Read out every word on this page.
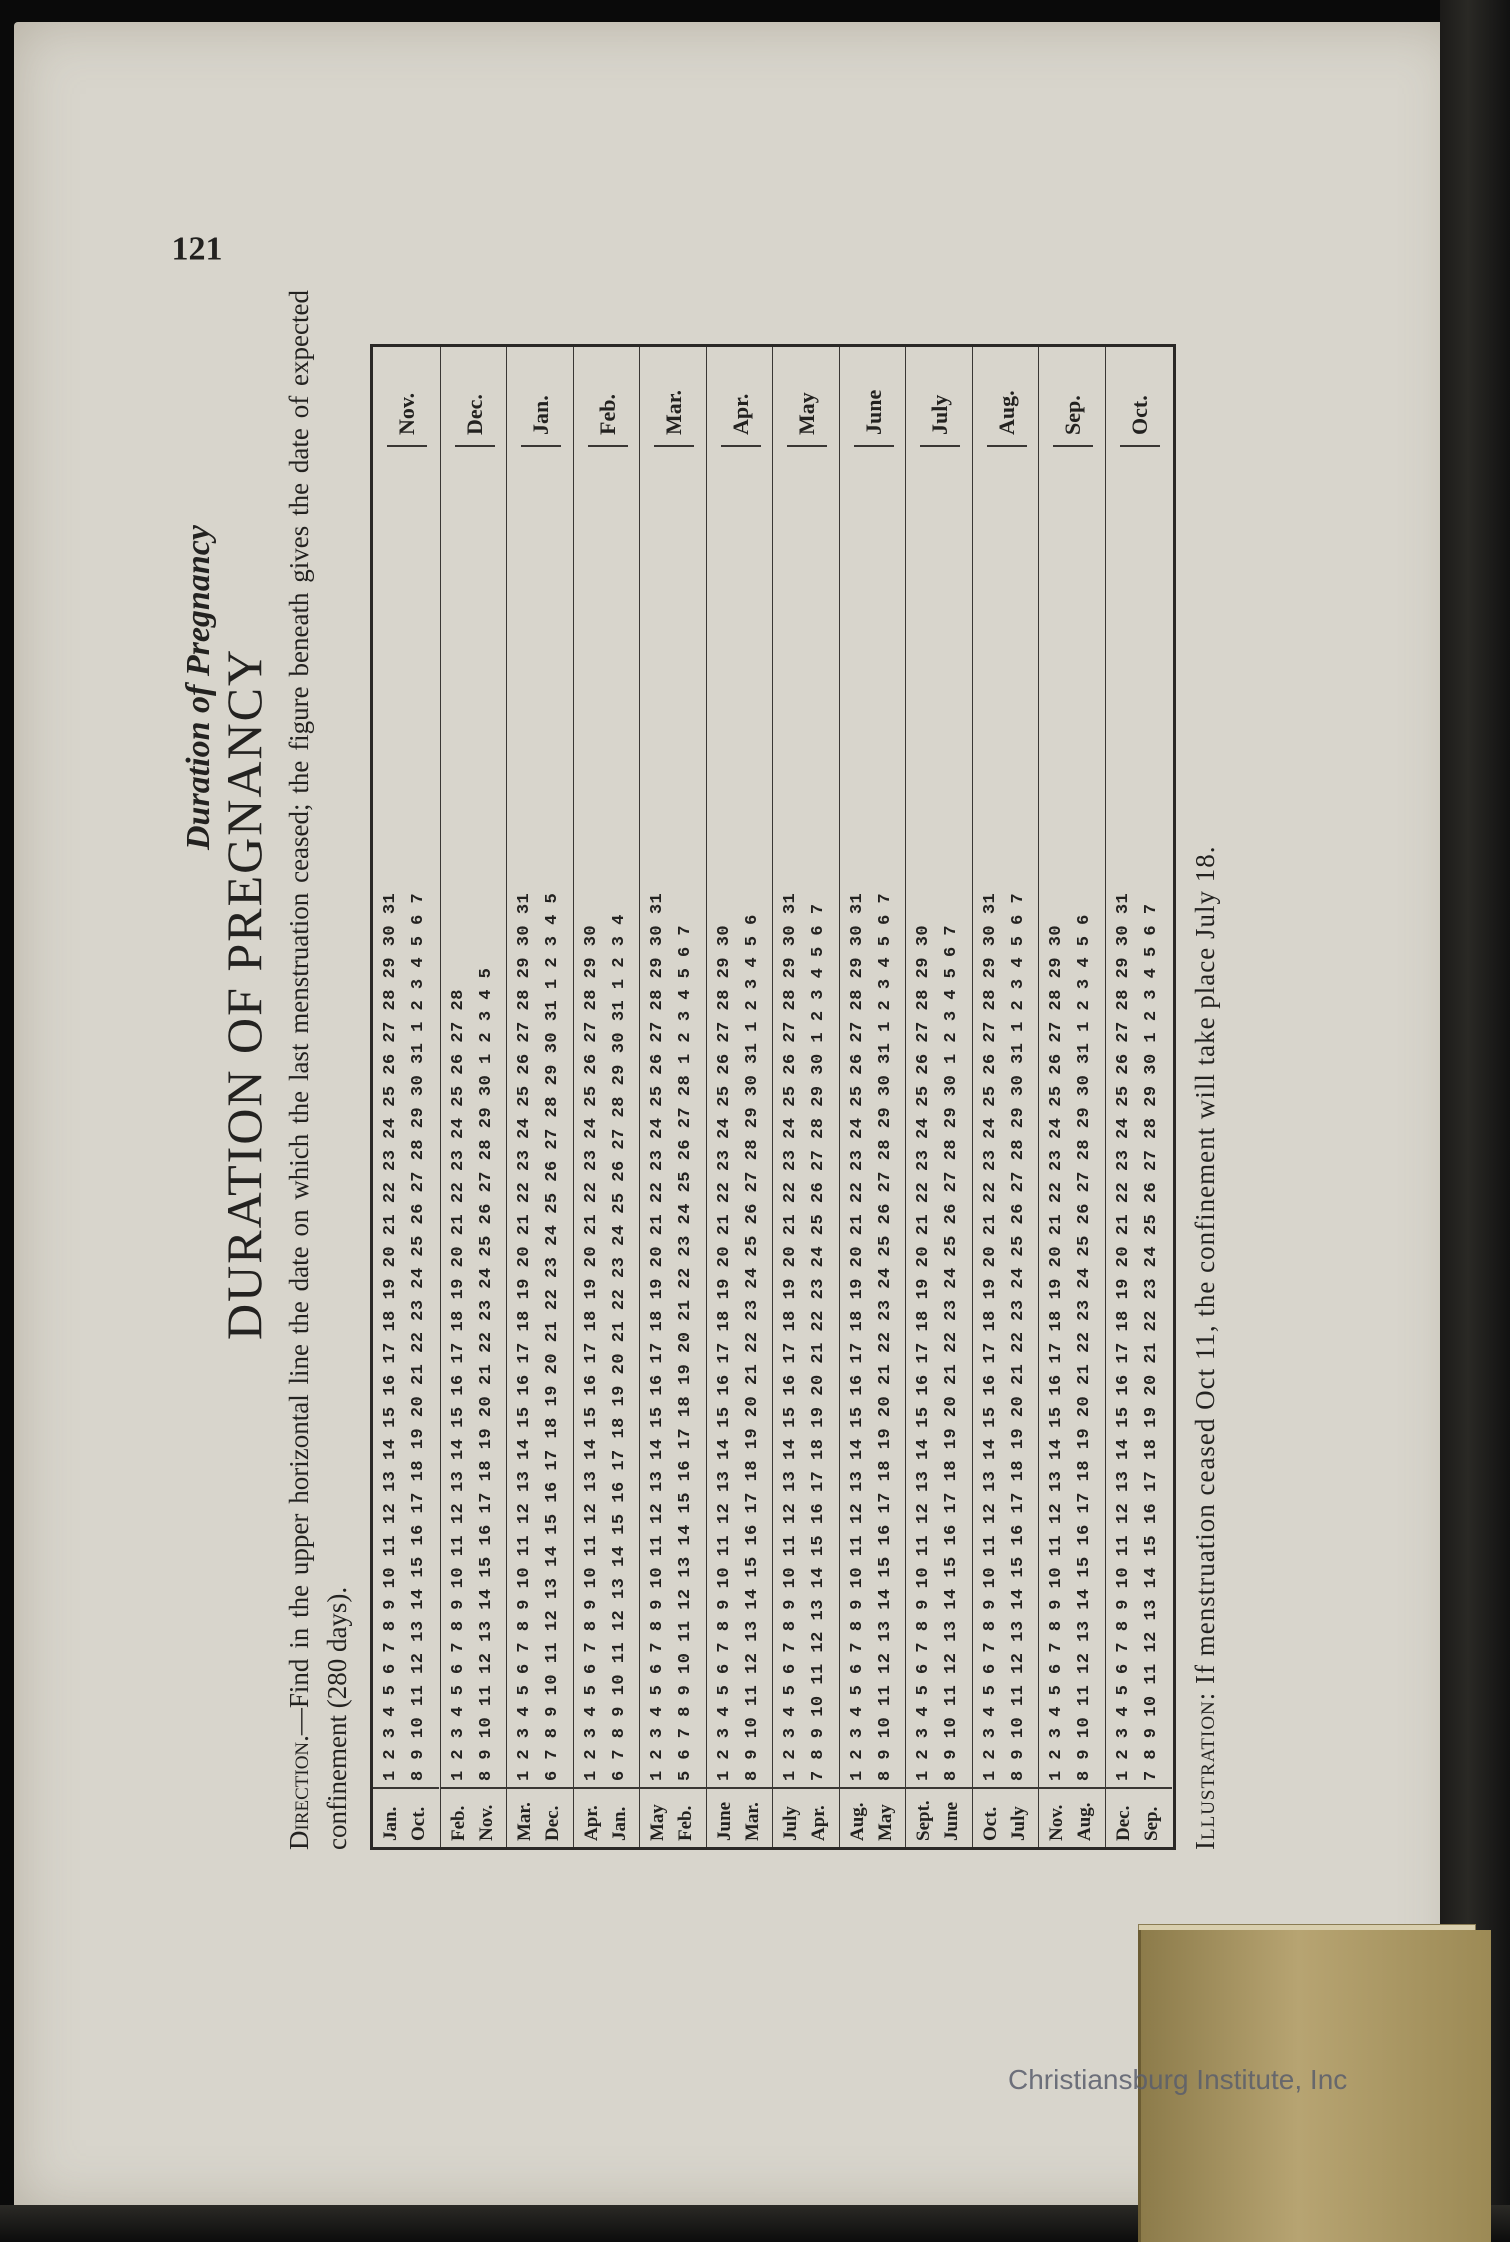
Duration of Pregnancy
121
DURATION OF PREGNANCY
Direction.—Find in the upper horizontal line the date on which the last menstruation ceased; the figure beneath gives the date of expected confinement (280 days). Jan. Oct.
1 2 3 4 5 6 7 8 9 10 11 12 13 14 15 16 17 18 19 20 21 22 23 24 25 26 27 28 29 30 31 8 9 10 11 12 13 14 15 16 17 18 19 20 21 22 23 24 25 26 27 28 29 30 31 1 2 3 4 5 6 7
Nov.
Feb. Nov.
1 2 3 4 5 6 7 8 9 10 11 12 13 14 15 16 17 18 19 20 21 22 23 24 25 26 27 28 8 9 10 11 12 13 14 15 16 17 18 19 20 21 22 23 24 25 26 27 28 29 30 1 2 3 4 5
Dec.
Mar. Dec.
1 2 3 4 5 6 7 8 9 10 11 12 13 14 15 16 17 18 19 20 21 22 23 24 25 26 27 28 29 30 31 6 7 8 9 10 11 12 13 14 15 16 17 18 19 20 21 22 23 24 25 26 27 28 29 30 31 1 2 3 4 5
Jan.
Apr. Jan.
1 2 3 4 5 6 7 8 9 10 11 12 13 14 15 16 17 18 19 20 21 22 23 24 25 26 27 28 29 30 6 7 8 9 10 11 12 13 14 15 16 17 18 19 20 21 22 23 24 25 26 27 28 29 30 31 1 2 3 4
Feb.
May Feb.
1 2 3 4 5 6 7 8 9 10 11 12 13 14 15 16 17 18 19 20 21 22 23 24 25 26 27 28 29 30 31 5 6 7 8 9 10 11 12 13 14 15 16 17 18 19 20 21 22 23 24 25 26 27 28 1 2 3 4 5 6 7
Mar.
June Mar.
1 2 3 4 5 6 7 8 9 10 11 12 13 14 15 16 17 18 19 20 21 22 23 24 25 26 27 28 29 30 8 9 10 11 12 13 14 15 16 17 18 19 20 21 22 23 24 25 26 27 28 29 30 31 1 2 3 4 5 6
Apr.
July Apr.
1 2 3 4 5 6 7 8 9 10 11 12 13 14 15 16 17 18 19 20 21 22 23 24 25 26 27 28 29 30 31 7 8 9 10 11 12 13 14 15 16 17 18 19 20 21 22 23 24 25 26 27 28 29 30 1 2 3 4 5 6 7
May
Aug. May
1 2 3 4 5 6 7 8 9 10 11 12 13 14 15 16 17 18 19 20 21 22 23 24 25 26 27 28 29 30 31 8 9 10 11 12 13 14 15 16 17 18 19 20 21 22 23 24 25 26 27 28 29 30 31 1 2 3 4 5 6 7
June
Sept. June
1 2 3 4 5 6 7 8 9 10 11 12 13 14 15 16 17 18 19 20 21 22 23 24 25 26 27 28 29 30 8 9 10 11 12 13 14 15 16 17 18 19 20 21 22 23 24 25 26 27 28 29 30 1 2 3 4 5 6 7
July
Oct. July
1 2 3 4 5 6 7 8 9 10 11 12 13 14 15 16 17 18 19 20 21 22 23 24 25 26 27 28 29 30 31 8 9 10 11 12 13 14 15 16 17 18 19 20 21 22 23 24 25 26 27 28 29 30 31 1 2 3 4 5 6 7
Aug.
Nov. Aug.
1 2 3 4 5 6 7 8 9 10 11 12 13 14 15 16 17 18 19 20 21 22 23 24 25 26 27 28 29 30 8 9 10 11 12 13 14 15 16 17 18 19 20 21 22 23 24 25 26 27 28 29 30 31 1 2 3 4 5 6
Sep.
Dec. Sep.
1 2 3 4 5 6 7 8 9 10 11 12 13 14 15 16 17 18 19 20 21 22 23 24 25 26 27 28 29 30 31 7 8 9 10 11 12 13 14 15 16 17 18 19 20 21 22 23 24 25 26 27 28 29 30 1 2 3 4 5 6 7
Oct.
Illustration: If menstruation ceased Oct 11, the confinement will take place July 18.
Christiansburg Institute, Inc
